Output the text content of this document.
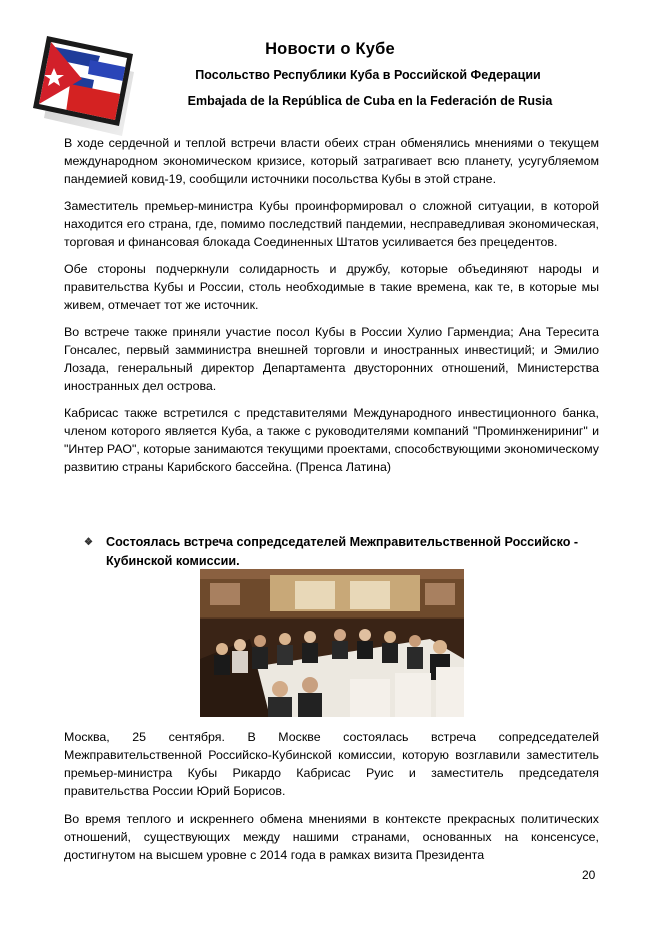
Новости о Кубе
Посольство Республики Куба в Российской Федерации
Embajada de la República de Cuba en la Federación de Rusia

В ходе сердечной и теплой встречи власти обеих стран обменялись мнениями о текущем международном экономическом кризисе, который затрагивает всю планету, усугубляемом пандемией ковид-19, сообщили источники посольства Кубы в этой стране.

Заместитель премьер-министра Кубы проинформировал о сложной ситуации, в которой находится его страна, где, помимо последствий пандемии, несправедливая экономическая, торговая и финансовая блокада Соединенных Штатов усиливается без прецедентов.

Обе стороны подчеркнули солидарность и дружбу, которые объединяют народы и правительства Кубы и России, столь необходимые в такие времена, как те, в которые мы живем, отмечает тот же источник.

Во встрече также приняли участие посол Кубы в России Хулио Гармендиа; Ана Тересита Гонсалес, первый замминистра внешней торговли и иностранных инвестиций; и Эмилио Лозада, генеральный директор Департамента двусторонних отношений, Министерства иностранных дел острова.

Кабрисас также встретился с представителями Международного инвестиционного банка, членом которого является Куба, а также с руководителями компаний "Проминженириниг" и "Интер РАО", которые занимаются текущими проектами, способствующими экономическому развитию страны Карибского бассейна. (Пренса Латина)

❖	Состоялась встреча сопредседателей Межправительственной Российско - Кубинской комиссии.

Москва, 25 сентября. В Москве состоялась встреча сопредседателей Межправительственной Российско-Кубинской комиссии, которую возглавили заместитель премьер-министра Кубы Рикардо Кабрисас Руис и заместитель председателя правительства России Юрий Борисов.

Во время теплого и искреннего обмена мнениями в контексте прекрасных политических отношений, существующих между нашими странами, основанных на консенсусе, достигнутом на высшем уровне с 2014 года в рамках визита Президента

20
